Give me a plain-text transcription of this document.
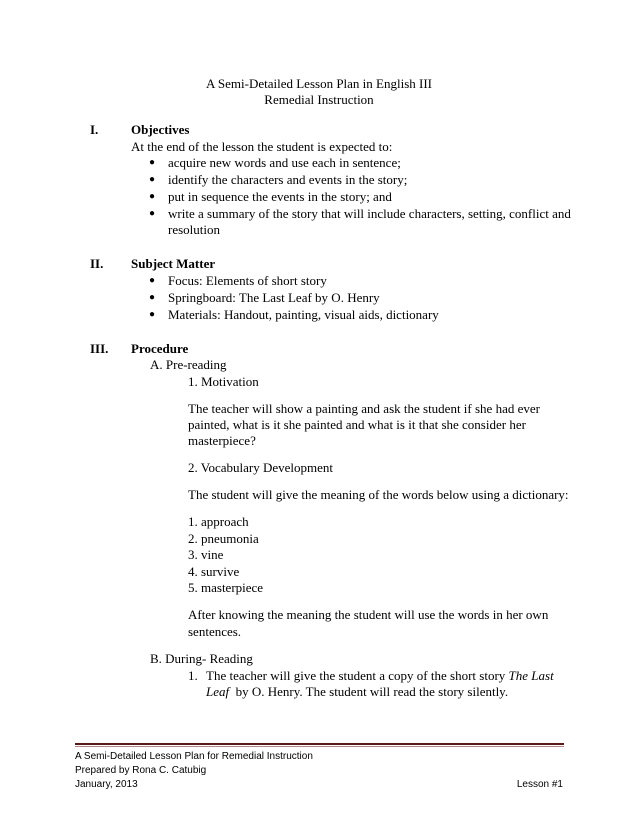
A Semi-Detailed Lesson Plan in English III
Remedial Instruction
I.	Objectives
At the end of the lesson the student is expected to:
● acquire new words and use each in sentence;
● identify the characters and events in the story;
● put in sequence the events in the story; and
● write a summary of the story that will include characters, setting, conflict and
resolution
II. Subject Matter
● Focus: Elements of short story
● Springboard: The Last Leaf by O. Henry
● Materials: Handout, painting, visual aids, dictionary
III. Procedure
A. Pre-reading
1. Motivation
The teacher will show a painting and ask the student if she had ever
painted, what is it she painted and what is it that she consider her
masterpiece?
2. Vocabulary Development
The student will give the meaning of the words below using a dictionary:
1. approach
2. pneumonia
3. vine
4. survive
5. masterpiece
After knowing the meaning the student will use the words in her own
sentences.
B. During- Reading
1. The teacher will give the student a copy of the short story The Last
Leaf  by O. Henry. The student will read the story silently.
A Semi-Detailed Lesson Plan for Remedial Instruction
Prepared by Rona C. Catubig
January, 2013	Lesson #1
